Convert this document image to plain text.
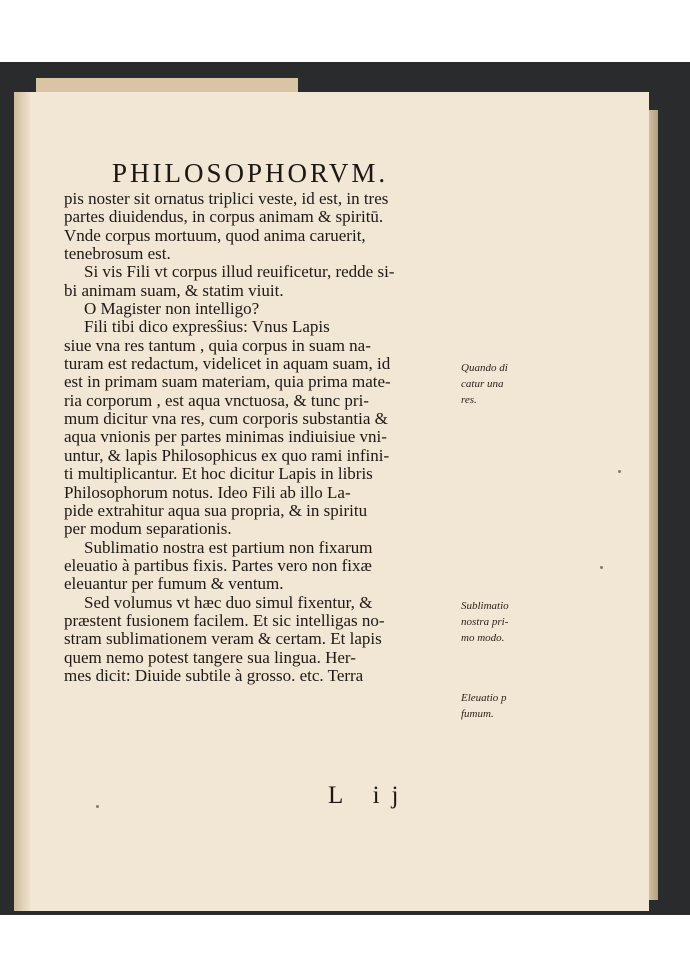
PHILOSOPHORVM.
pis noster sit ornatus triplici veste, id est, in tres
partes diuidendus, in corpus animam & spiritū.
Vnde corpus mortuum, quod anima caruerit,
tenebrosum est.
Si vis Fili vt corpus illud reuificetur, redde si-
bi animam suam, & statim viuit.
O Magister non intelligo?
Fili tibi dico expresŝius: Vnus Lapis
siue vna res tantum , quia corpus in suam na-
turam est redactum, videlicet in aquam suam, id
est in primam suam materiam, quia prima mate-
ria corporum , est aqua vnctuosa, & tunc pri-
mum dicitur vna res, cum corporis substantia &
aqua vnionis per partes minimas indiuisiue vni-
untur, & lapis Philosophicus ex quo rami infini-
ti multiplicantur. Et hoc dicitur Lapis in libris
Philosophorum notus. Ideo Fili ab illo La-
pide extrahitur aqua sua propria, & in spiritu
per modum separationis.
Sublimatio nostra est partium non fixarum
eleuatio à partibus fixis. Partes vero non fixæ
eleuantur per fumum & ventum.
Sed volumus vt hæc duo simul fixentur, &
præstent fusionem facilem. Et sic intelligas no-
stram sublimationem veram & certam. Et lapis
quem nemo potest tangere sua lingua. Her-
mes dicit: Diuide subtile à grosso. etc. Terra
Quando di
catur una
res.
Sublimatio
nostra pri-
mo modo.
Eleuatio p
fumum.
L ij
